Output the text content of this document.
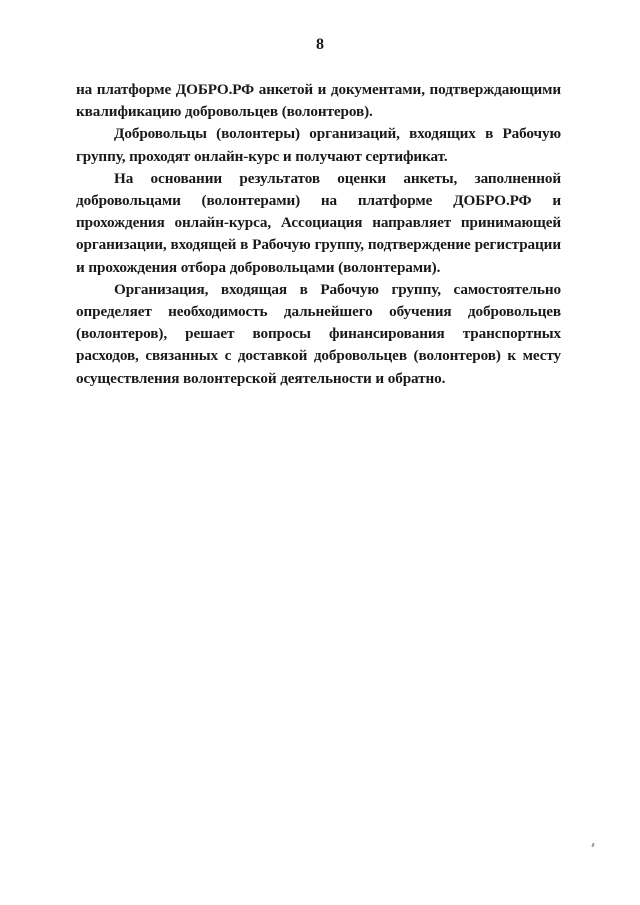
8

на платформе ДОБРО.РФ анкетой и документами, подтверждающими квалификацию добровольцев (волонтеров).

Добровольцы (волонтеры) организаций, входящих в Рабочую группу, проходят онлайн-курс и получают сертификат.

На основании результатов оценки анкеты, заполненной добровольцами (волонтерами) на платформе ДОБРО.РФ и прохождения онлайн-курса, Ассоциация направляет принимающей организации, входящей в Рабочую группу, подтверждение регистрации и прохождения отбора добровольцами (волонтерами).

Организация, входящая в Рабочую группу, самостоятельно определяет необходимость дальнейшего обучения добровольцев (волонтеров), решает вопросы финансирования транспортных расходов, связанных с доставкой добровольцев (волонтеров) к месту осуществления волонтерской деятельности и обратно.
